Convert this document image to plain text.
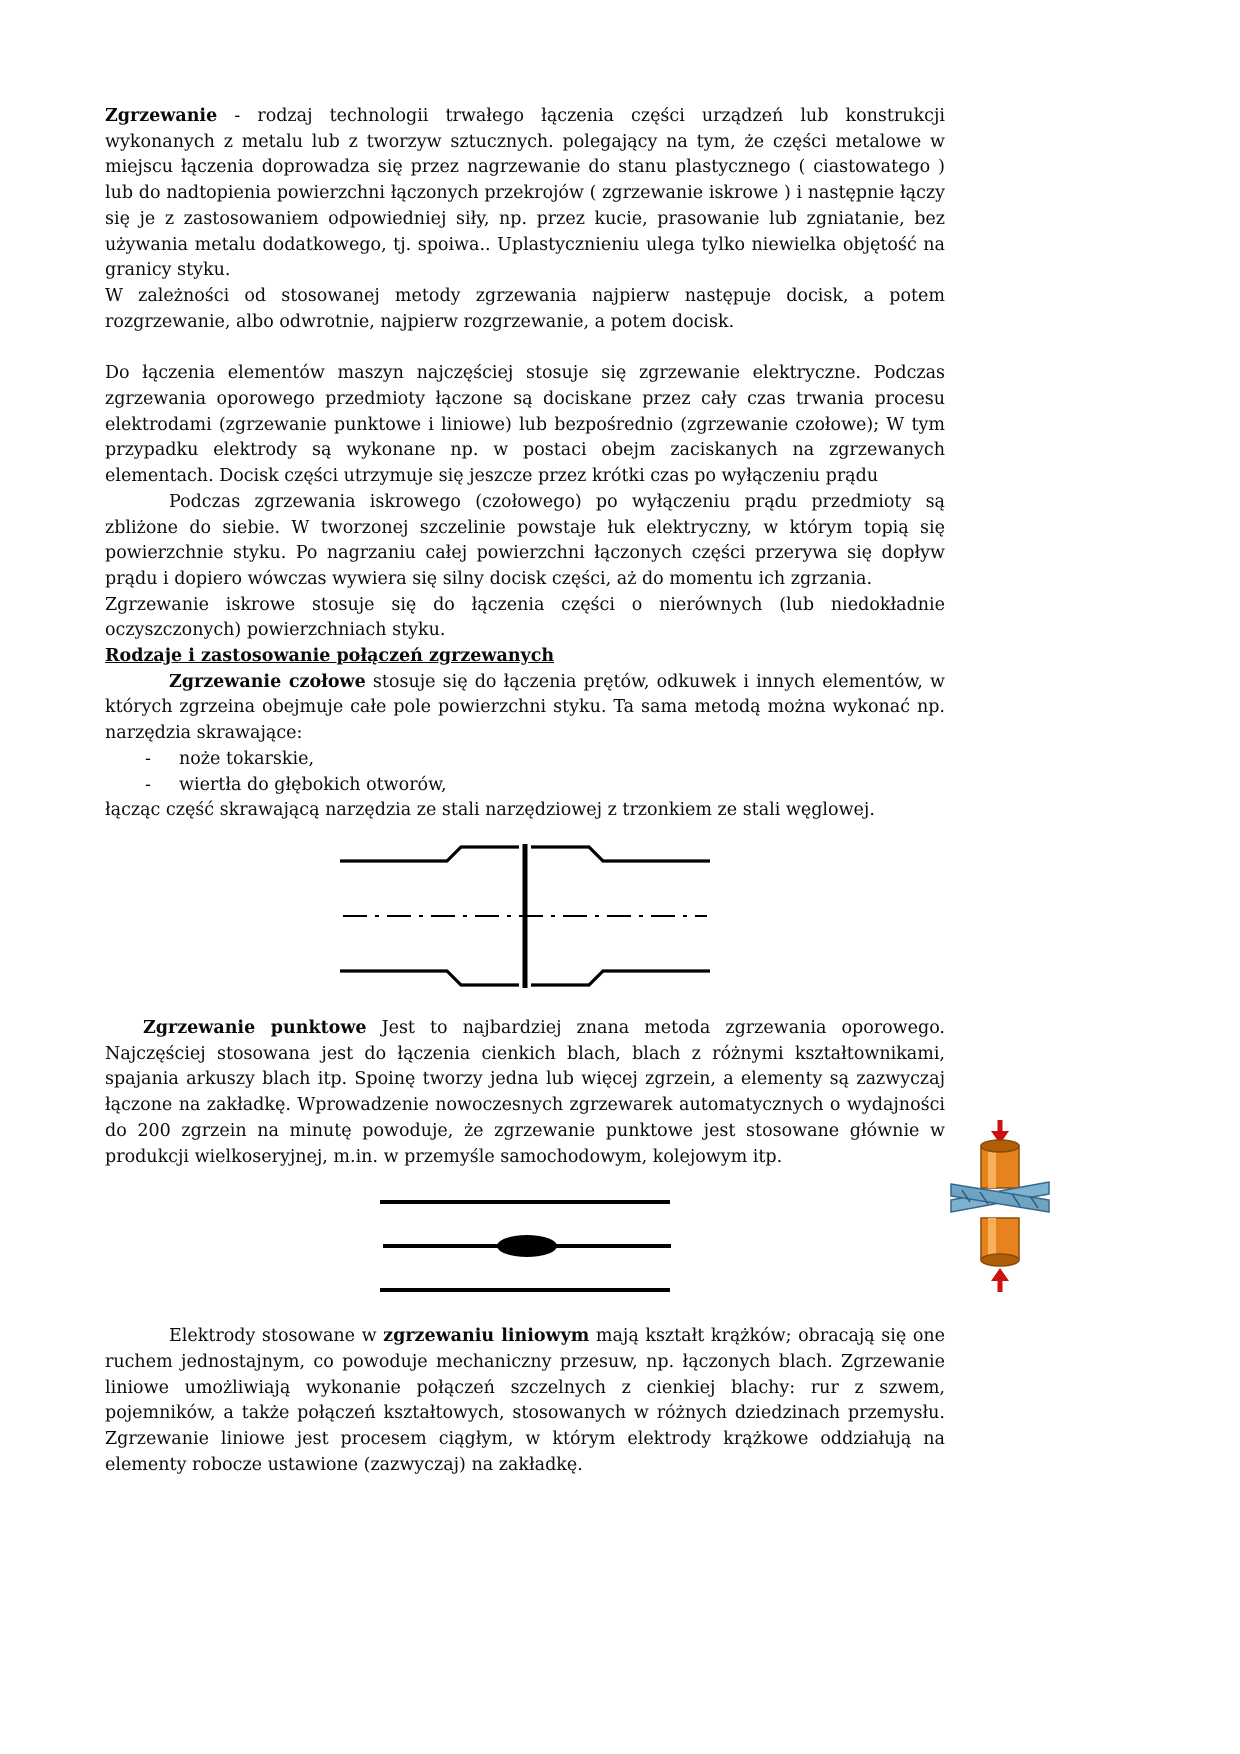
Zgrzewanie - rodzaj technologii trwałego łączenia części urządzeń lub konstrukcji wykonanych z metalu lub z tworzyw sztucznych. polegający na tym, że części metalowe w miejscu łączenia doprowadza się przez nagrzewanie do stanu plastycznego ( ciastowatego ) lub do nadtopienia powierzchni łączonych przekrojów ( zgrzewanie iskrowe ) i następnie łączy się je z zastosowaniem odpowiedniej siły, np. przez kucie, prasowanie lub zgniatanie, bez używania metalu dodatkowego, tj. spoiwa.. Uplastycznieniu ulega tylko niewielka objętość na granicy styku.

W zależności od stosowanej metody zgrzewania najpierw następuje docisk, a potem rozgrzewanie, albo odwrotnie, najpierw rozgrzewanie, a potem docisk.

Do łączenia elementów maszyn najczęściej stosuje się zgrzewanie elektryczne. Podczas zgrzewania oporowego przedmioty łączone są dociskane przez cały czas trwania procesu elektrodami (zgrzewanie punktowe i liniowe) lub bezpośrednio (zgrzewanie czołowe); W tym przypadku elektrody są wykonane np. w postaci obejm zaciskanych na zgrzewanych elementach. Docisk części utrzymuje się jeszcze przez krótki czas po wyłączeniu prądu

Podczas zgrzewania iskrowego (czołowego) po wyłączeniu prądu przedmioty są zbliżone do siebie. W tworzonej szczelinie powstaje łuk elektryczny, w którym topią się powierzchnie styku. Po nagrzaniu całej powierzchni łączonych części przerywa się dopływ prądu i dopiero wówczas wywiera się silny docisk części, aż do momentu ich zgrzania.

Zgrzewanie iskrowe stosuje się do łączenia części o nierównych (lub niedokładnie oczyszczonych) powierzchniach styku.

Rodzaje i zastosowanie połączeń zgrzewanych

Zgrzewanie czołowe stosuje się do łączenia prętów, odkuwek i innych elementów, w których zgrzeina obejmuje całe pole powierzchni styku. Ta sama metodą można wykonać np. narzędzia skrawające:

-	noże tokarskie,
-	wiertła do głębokich otworów,

łącząc część skrawającą narzędzia ze stali narzędziowej z trzonkiem ze stali węglowej.

Zgrzewanie punktowe Jest to najbardziej znana metoda zgrzewania oporowego. Najczęściej stosowana jest do łączenia cienkich blach, blach z różnymi kształtownikami, spajania arkuszy blach itp. Spoinę tworzy jedna lub więcej zgrzein, a elementy są zazwyczaj łączone na zakładkę. Wprowadzenie nowoczesnych zgrzewarek automatycznych o wydajności do 200 zgrzein na minutę powoduje, że zgrzewanie punktowe jest stosowane głównie w produkcji wielkoseryjnej, m.in. w przemyśle samochodowym, kolejowym itp.

Elektrody stosowane w zgrzewaniu liniowym mają kształt krążków; obracają się one ruchem jednostajnym, co powoduje mechaniczny przesuw, np. łączonych blach. Zgrzewanie liniowe umożliwiają wykonanie połączeń szczelnych z cienkiej blachy: rur z szwem, pojemników, a także połączeń kształtowych, stosowanych w różnych dziedzinach przemysłu. Zgrzewanie liniowe jest procesem ciągłym, w którym elektrody krążkowe oddziałują na elementy robocze ustawione (zazwyczaj) na zakładkę.
